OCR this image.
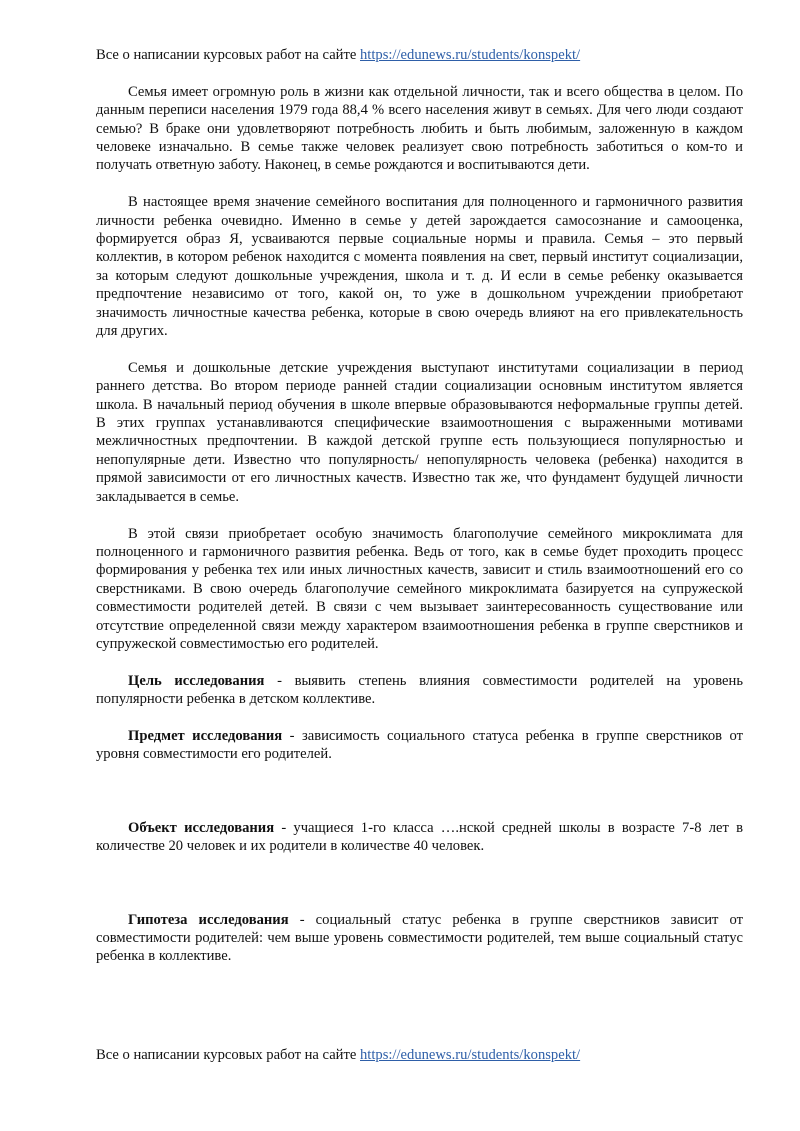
Все о написании курсовых работ на сайте https://edunews.ru/students/konspekt/

Семья имеет огромную роль в жизни как отдельной личности, так и всего общества в целом. По данным переписи населения 1979 года 88,4 % всего населения живут в семьях. Для чего люди создают семью? В браке они удовлетворяют потребность любить и быть любимым, заложенную в каждом человеке изначально. В семье также человек реализует свою потребность заботиться о ком-то и получать ответную заботу. Наконец, в семье рождаются и воспитываются дети.

В настоящее время значение семейного воспитания для полноценного и гармоничного развития личности ребенка очевидно. Именно в семье у детей зарождается самосознание и самооценка, формируется образ Я, усваиваются первые социальные нормы и правила. Семья – это первый коллектив, в котором ребенок находится с момента появления на свет, первый институт социализации, за которым следуют дошкольные учреждения, школа и т. д. И если в семье ребенку оказывается предпочтение независимо от того, какой он, то уже в дошкольном учреждении приобретают значимость личностные качества ребенка, которые в свою очередь влияют на его привлекательность для других.

Семья и дошкольные детские учреждения выступают институтами социализации в период раннего детства. Во втором периоде ранней стадии социализации основным институтом является школа. В начальный период обучения в школе впервые образовываются неформальные группы детей. В этих группах устанавливаются специфические взаимоотношения с выраженными мотивами межличностных предпочтении. В каждой детской группе есть пользующиеся популярностью и непопулярные дети. Известно что популярность/ непопулярность человека (ребенка) находится в прямой зависимости от его личностных качеств. Известно так же, что фундамент будущей личности закладывается в семье.

В этой связи приобретает особую значимость благополучие семейного микроклимата для полноценного и гармоничного развития ребенка. Ведь от того, как в семье будет проходить процесс формирования у ребенка тех или иных личностных качеств, зависит и стиль взаимоотношений его со сверстниками. В свою очередь благополучие семейного микроклимата базируется на супружеской совместимости родителей детей. В связи с чем вызывает заинтересованность существование или отсутствие определенной связи между характером взаимоотношения ребенка в группе сверстников и супружеской совместимостью его родителей.

Цель исследования - выявить степень влияния совместимости родителей на уровень популярности ребенка в детском коллективе.

Предмет исследования - зависимость социального статуса ребенка в группе сверстников от уровня совместимости его родителей.

Объект исследования - учащиеся 1-го класса ….нской средней школы в возрасте 7-8 лет в количестве 20 человек и их родители в количестве 40 человек.

Гипотеза исследования - социальный статус ребенка в группе сверстников зависит от совместимости родителей: чем выше уровень совместимости родителей, тем выше социальный статус ребенка в коллективе.

Все о написании курсовых работ на сайте https://edunews.ru/students/konspekt/
